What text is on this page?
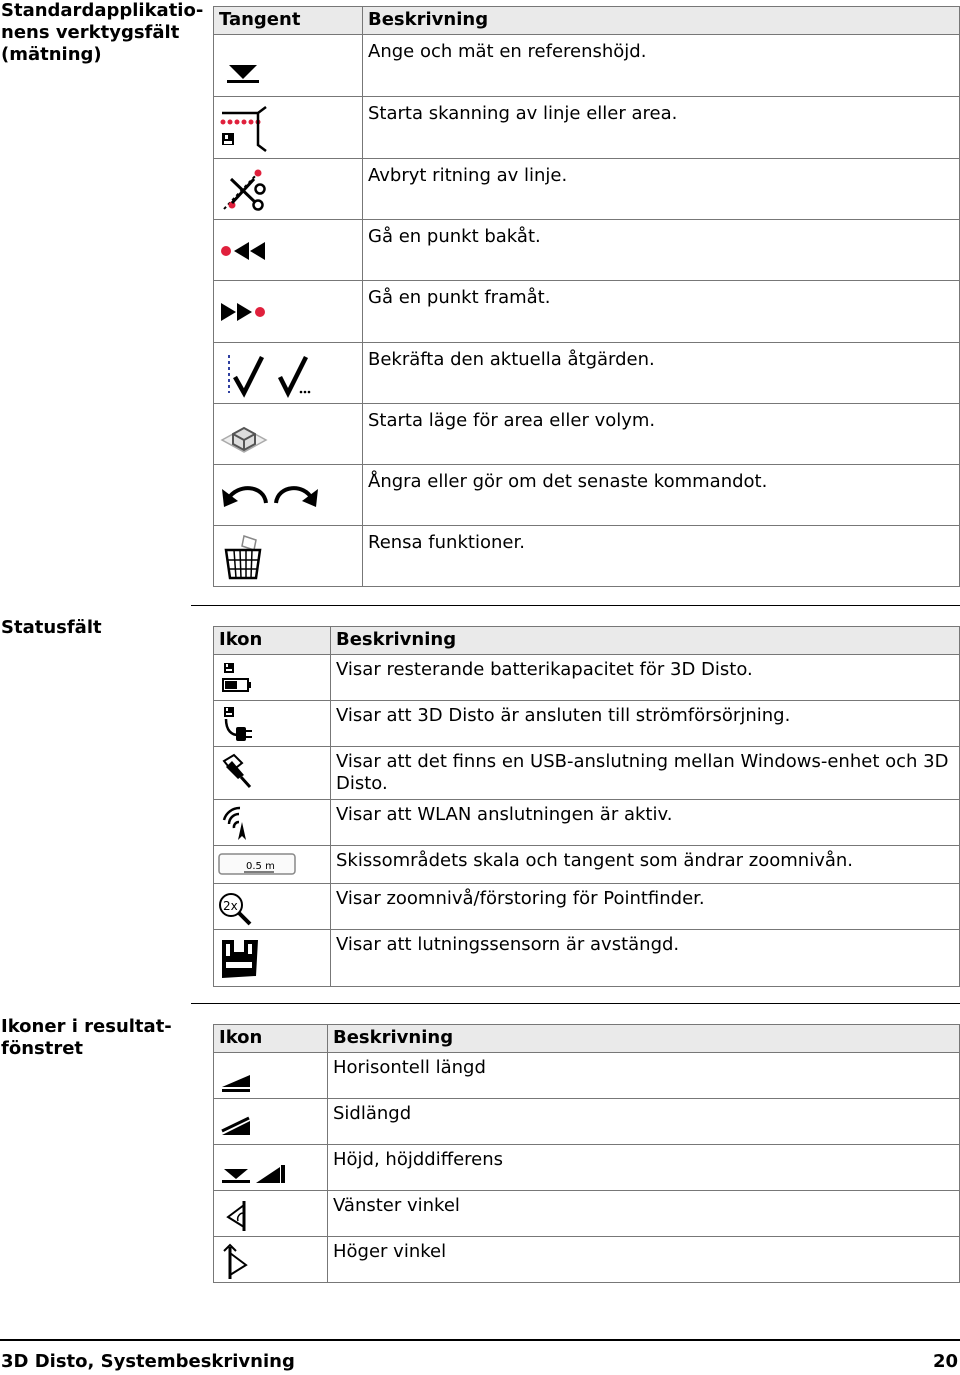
Standardapplikatio-
nens verktygsfält
(mätning)
Tangent	Beskrivning

	Ange och mät en referenshöjd.

	Starta skanning av linje eller area.

	Avbryt ritning av linje.

	Gå en punkt bakåt.

	Gå en punkt framåt.

	Bekräfta den aktuella åtgärden.

	Starta läge för area eller volym.

	Ångra eller gör om det senaste kommandot.

	Rensa funktioner.
Statusfält
Ikon	Beskrivning

	Visar resterande batterikapacitet för 3D Disto.

	Visar att 3D Disto är ansluten till strömförsörjning.

	Visar att det finns en USB-anslutning mellan Windows-enhet och 3D Disto.

	Visar att WLAN anslutningen är aktiv.

0.5 m	Skissområdets skala och tangent som ändrar zoomnivån.

2x	Visar zoomnivå/förstoring för Pointfinder.

	Visar att lutningssensorn är avstängd.
Ikoner i resultat-
fönstret
Ikon	Beskrivning

	Horisontell längd

	Sidlängd

	Höjd, höjddifferens

	Vänster vinkel

	Höger vinkel
3D Disto, Systembeskrivning	20
